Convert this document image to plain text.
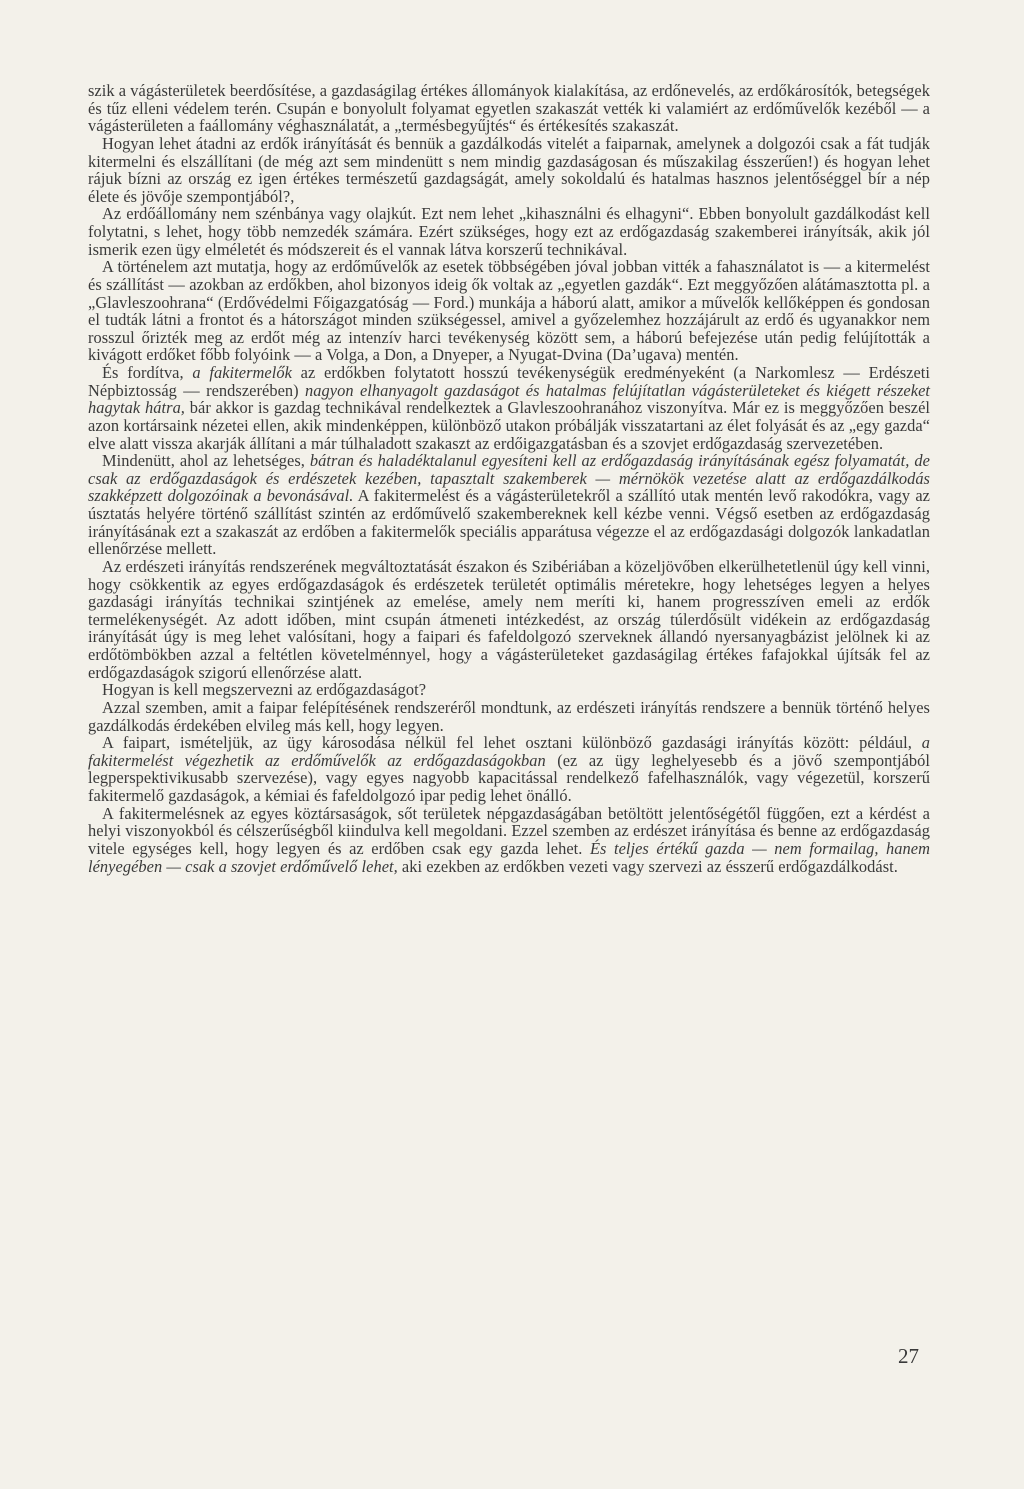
szik a vágásterületek beerdősítése, a gazdaságilag értékes állományok kialakítása, az erdőnevelés, az erdőkárosítók, betegségek és tűz elleni védelem terén. Csupán e bonyolult folyamat egyetlen szakaszát vették ki valamiért az erdőművelők kezéből — a vágásterületen a faállomány véghasználatát, a „termésbegyűjtés“ és értékesítés szakaszát.

Hogyan lehet átadni az erdők irányítását és bennük a gazdálkodás vitelét a faiparnak, amelynek a dolgozói csak a fát tudják kitermelni és elszállítani (de még azt sem mindenütt s nem mindig gazdaságosan és műszakilag ésszerűen!) és hogyan lehet rájuk bízni az ország ez igen értékes természetű gazdagságát, amely sokoldalú és hatalmas hasznos jelentőséggel bír a nép élete és jövője szempontjából?,

Az erdőállomány nem szénbánya vagy olajkút. Ezt nem lehet „kihasználni és elhagyni“. Ebben bonyolult gazdálkodást kell folytatni, s lehet, hogy több nemzedék számára. Ezért szükséges, hogy ezt az erdőgazdaság szakemberei irányítsák, akik jól ismerik ezen ügy elméletét és módszereit és el vannak látva korszerű technikával.

A történelem azt mutatja, hogy az erdőművelők az esetek többségében jóval jobban vitték a fahasználatot is — a kitermelést és szállítást — azokban az erdőkben, ahol bizonyos ideig ők voltak az „egyetlen gazdák“. Ezt meggyőzően alátámasztotta pl. a „Glavleszoohrana“ (Erdővédelmi Főigazgatóság — Ford.) munkája a háború alatt, amikor a művelők kellőképpen és gondosan el tudták látni a frontot és a hátországot minden szükségessel, amivel a győzelemhez hozzájárult az erdő és ugyanakkor nem rosszul őrizték meg az erdőt még az intenzív harci tevékenység között sem, a háború befejezése után pedig felújították a kivágott erdőket főbb folyóink — a Volga, a Don, a Dnyeper, a Nyugat-Dvina (Da’ugava) mentén.

És fordítva, a fakitermelők az erdőkben folytatott hosszú tevékenységük eredményeként (a Narkomlesz — Erdészeti Népbiztosság — rendszerében) nagyon elhanyagolt gazdaságot és hatalmas felújítatlan vágásterületeket és kiégett részeket hagytak hátra, bár akkor is gazdag technikával rendelkeztek a Glavleszoohranához viszonyítva. Már ez is meggyőzően beszél azon kortársaink nézetei ellen, akik mindenképpen, különböző utakon próbálják visszatartani az élet folyását és az „egy gazda“ elve alatt vissza akarják állítani a már túlhaladott szakaszt az erdőigazgatásban és a szovjet erdőgazdaság szervezetében.

Mindenütt, ahol az lehetséges, bátran és haladéktalanul egyesíteni kell az erdőgazdaság irányításának egész folyamatát, de csak az erdőgazdaságok és erdészetek kezében, tapasztalt szakemberek — mérnökök vezetése alatt az erdőgazdálkodás szakképzett dolgozóinak a bevonásával. A fakitermelést és a vágásterületekről a szállító utak mentén levő rakodókra, vagy az úsztatás helyére történő szállítást szintén az erdőművelő szakembereknek kell kézbe venni. Végső esetben az erdőgazdaság irányításának ezt a szakaszát az erdőben a fakitermelők speciális apparátusa végezze el az erdőgazdasági dolgozók lankadatlan ellenőrzése mellett.

Az erdészeti irányítás rendszerének megváltoztatását északon és Szibériában a közeljövőben elkerülhetetlenül úgy kell vinni, hogy csökkentik az egyes erdőgazdaságok és erdészetek területét optimális méretekre, hogy lehetséges legyen a helyes gazdasági irányítás technikai szintjének az emelése, amely nem meríti ki, hanem progresszíven emeli az erdők termelékenységét. Az adott időben, mint csupán átmeneti intézkedést, az ország túlerdősült vidékein az erdőgazdaság irányítását úgy is meg lehet valósítani, hogy a faipari és fafeldolgozó szerveknek állandó nyersanyagbázist jelölnek ki az erdőtömbökben azzal a feltétlen követelménnyel, hogy a vágásterületeket gazdaságilag értékes fafajokkal újítsák fel az erdőgazdaságok szigorú ellenőrzése alatt.

Hogyan is kell megszervezni az erdőgazdaságot?

Azzal szemben, amit a faipar felépítésének rendszeréről mondtunk, az erdészeti irányítás rendszere a bennük történő helyes gazdálkodás érdekében elvileg más kell, hogy legyen.

A faipart, ismételjük, az ügy károsodása nélkül fel lehet osztani különböző gazdasági irányítás között: például, a fakitermelést végezhetik az erdőművelők az erdőgazdaságokban (ez az ügy leghelyesebb és a jövő szempontjából legperspektivikusabb szervezése), vagy egyes nagyobb kapacitással rendelkező fafelhasználók, vagy végezetül, korszerű fakitermelő gazdaságok, a kémiai és fafeldolgozó ipar pedig lehet önálló.

A fakitermelésnek az egyes köztársaságok, sőt területek népgazdaságában betöltött jelentőségétől függően, ezt a kérdést a helyi viszonyokból és célszerűségből kiindulva kell megoldani. Ezzel szemben az erdészet irányítása és benne az erdőgazdaság vitele egységes kell, hogy legyen és az erdőben csak egy gazda lehet. És teljes értékű gazda — nem formailag, hanem lényegében — csak a szovjet erdőművelő lehet, aki ezekben az erdőkben vezeti vagy szervezi az ésszerű erdőgazdálkodást.

27
